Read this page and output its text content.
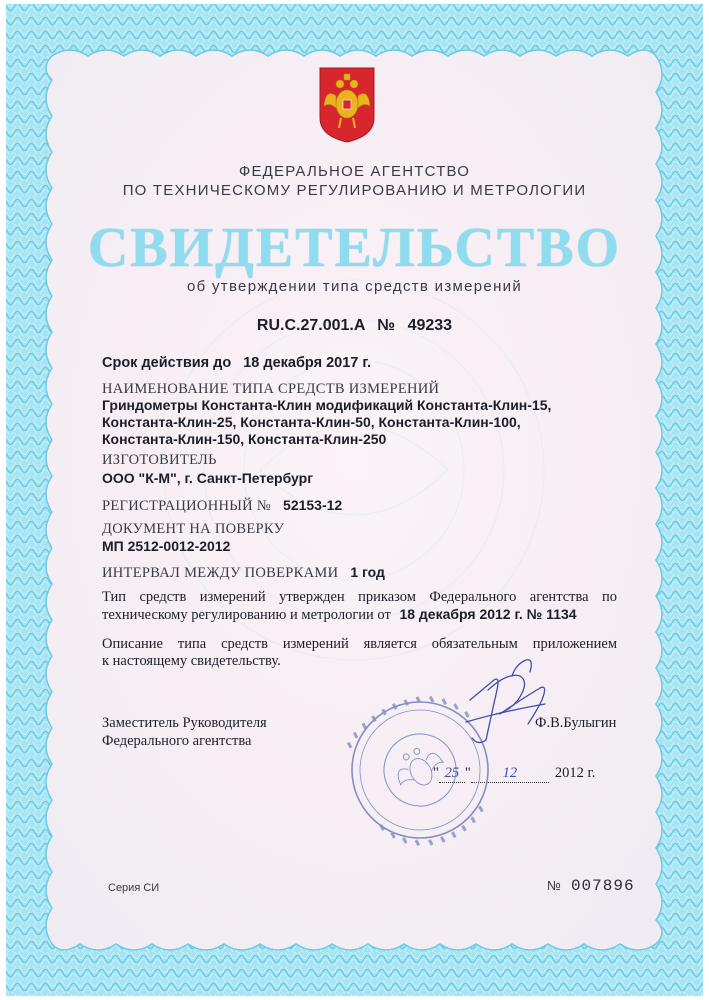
ФЕДЕРАЛЬНОЕ АГЕНТСТВО
ПО ТЕХНИЧЕСКОМУ РЕГУЛИРОВАНИЮ И МЕТРОЛОГИИ
СВИДЕТЕЛЬСТВО
об утверждении типа средств измерений
RU.C.27.001.A № 49233
Срок действия до 18 декабря 2017 г.
НАИМЕНОВАНИЕ ТИПА СРЕДСТВ ИЗМЕРЕНИЙ
Гриндометры Константа-Клин модификаций Константа-Клин-15,
Константа-Клин-25, Константа-Клин-50, Константа-Клин-100,
Константа-Клин-150, Константа-Клин-250
ИЗГОТОВИТЕЛЬ
ООО "К-М", г. Санкт-Петербург
РЕГИСТРАЦИОННЫЙ № 52153-12
ДОКУМЕНТ НА ПОВЕРКУ
МП 2512-0012-2012
ИНТЕРВАЛ МЕЖДУ ПОВЕРКАМИ 1 год
Тип средств измерений утвержден приказом Федерального агентства по
техническому регулированию и метрологии от 18 декабря 2012 г. № 1134
Описание типа средств измерений является обязательным приложением
к настоящему свидетельству.
Заместитель Руководителя
Федерального агентства
Ф.В.Булыгин
" 25 " 12	2012 г.
Серия СИ	№ 007896
